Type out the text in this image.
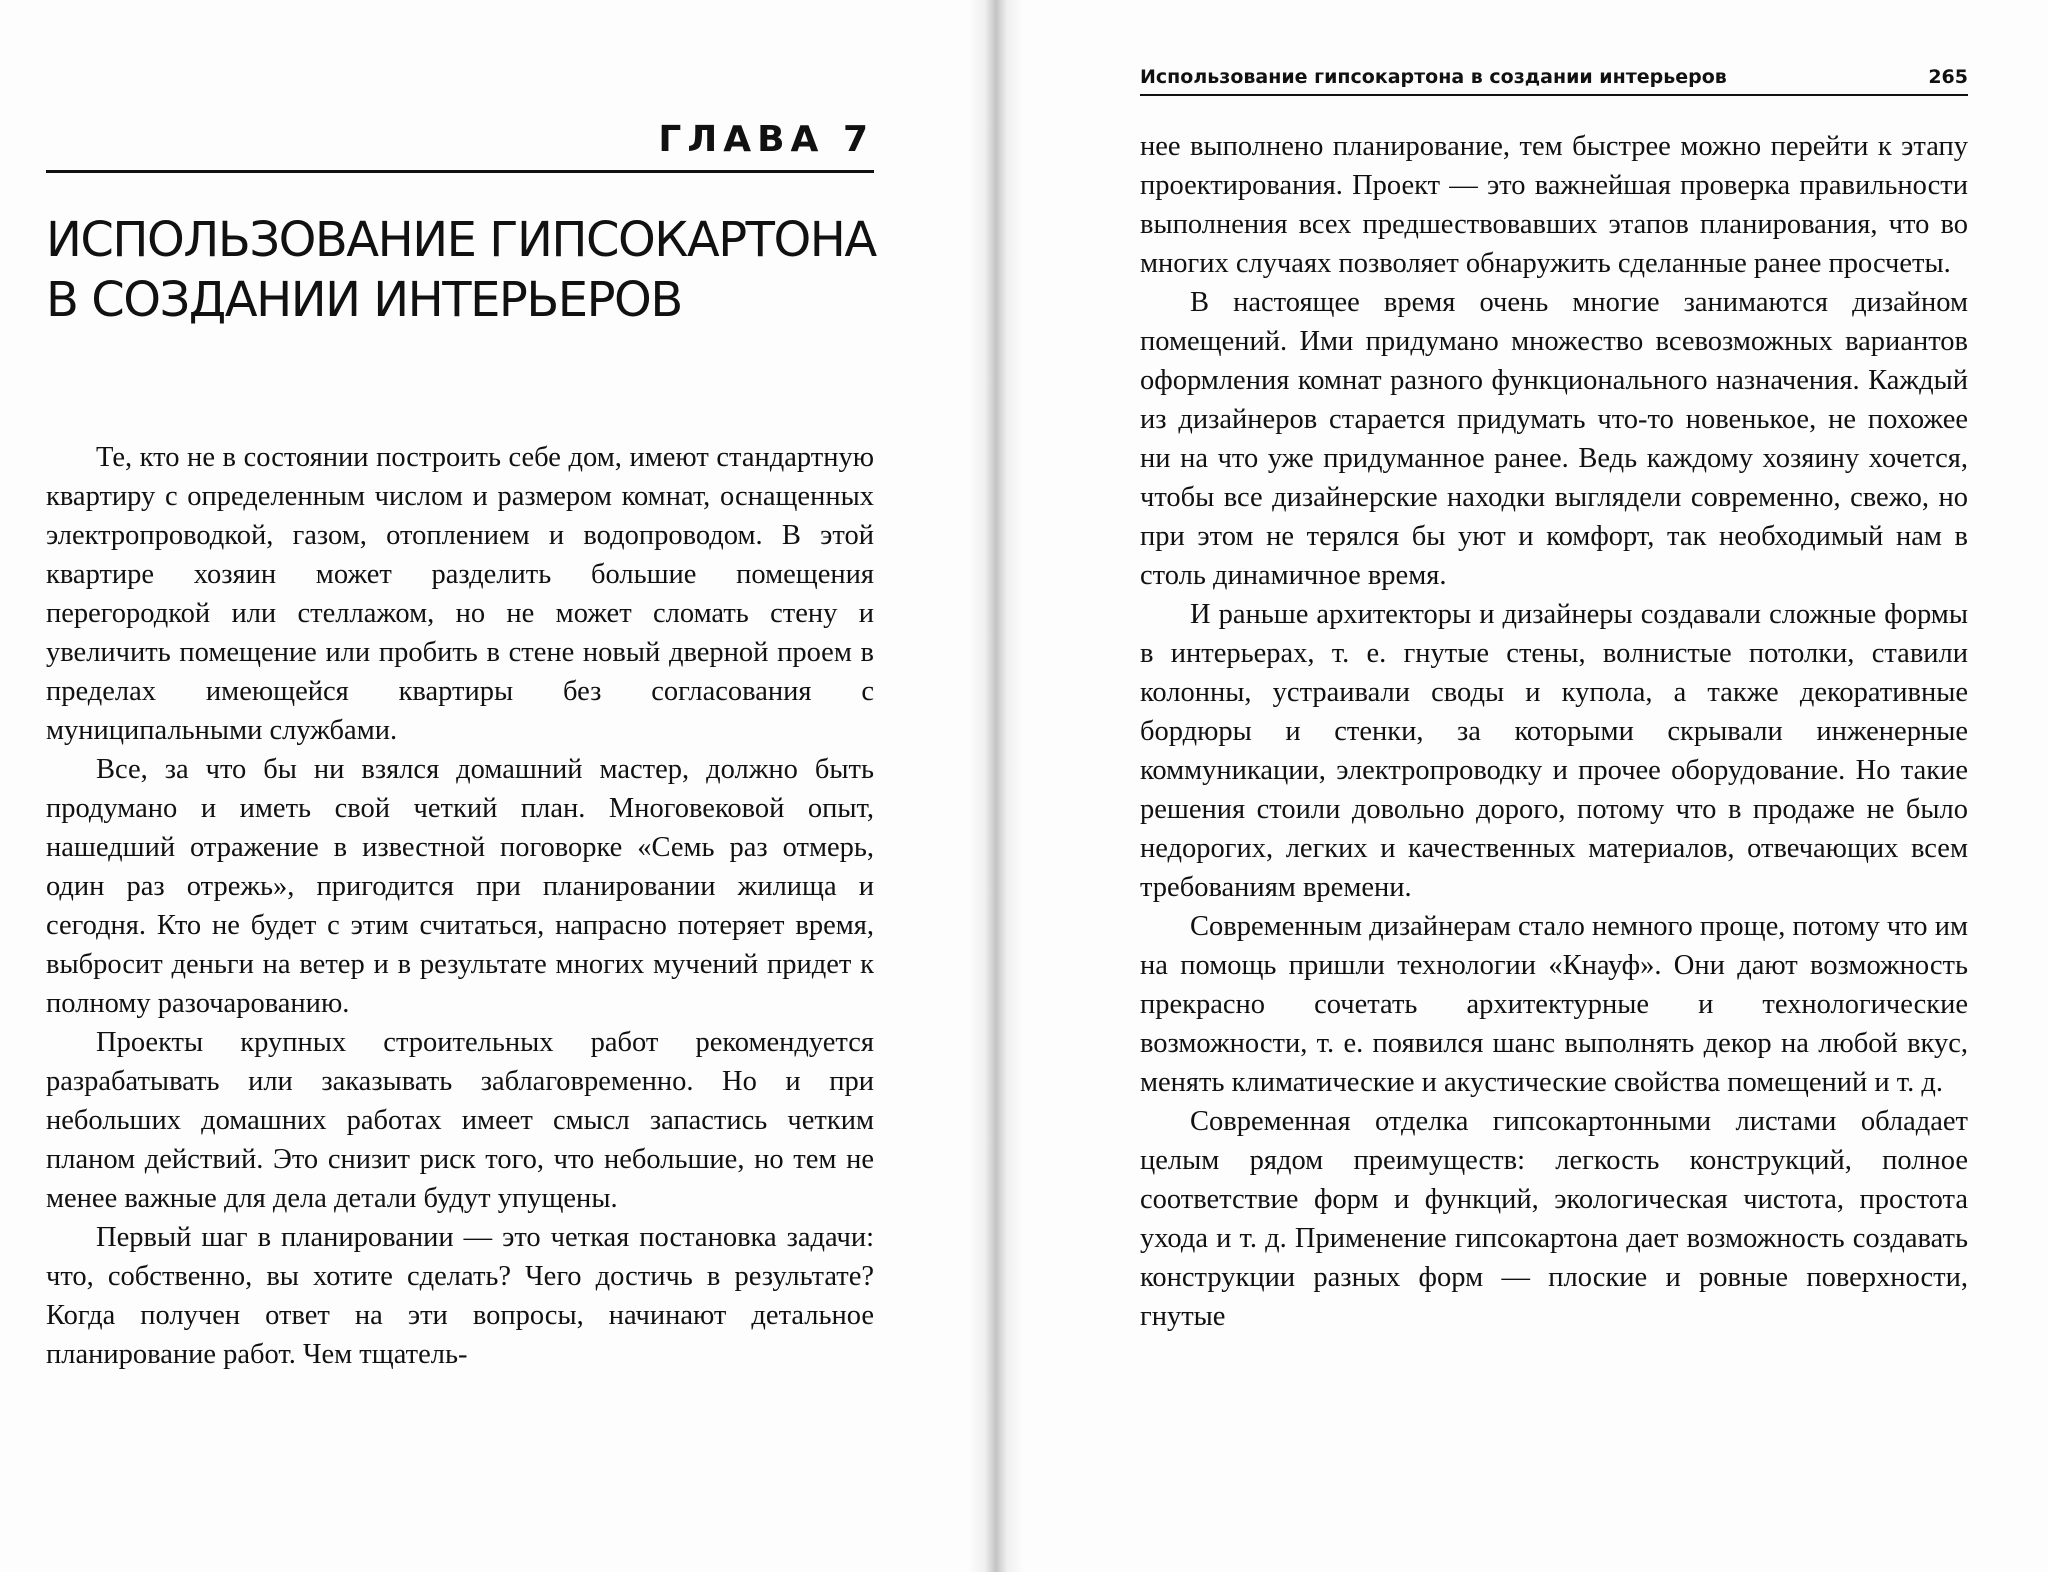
ГЛАВА 7
ИСПОЛЬЗОВАНИЕ ГИПСОКАРТОНА
В СОЗДАНИИ ИНТЕРЬЕРОВ

Те, кто не в состоянии построить себе дом, имеют стандартную квартиру с определенным числом и размером комнат, оснащенных электропроводкой, газом, отоплением и водопроводом. В этой квартире хозяин может разделить большие помещения перегородкой или стеллажом, но не может сломать стену и увеличить помещение или пробить в стене новый дверной проем в пределах имеющейся квартиры без согласования с муниципальными службами.

Все, за что бы ни взялся домашний мастер, должно быть продумано и иметь свой четкий план. Многовековой опыт, нашедший отражение в известной поговорке «Семь раз отмерь, один раз отрежь», пригодится при планировании жилища и сегодня. Кто не будет с этим считаться, напрасно потеряет время, выбросит деньги на ветер и в результате многих мучений придет к полному разочарованию.

Проекты крупных строительных работ рекомендуется разрабатывать или заказывать заблаговременно. Но и при небольших домашних работах имеет смысл запастись четким планом действий. Это снизит риск того, что небольшие, но тем не менее важные для дела детали будут упущены.

Первый шаг в планировании — это четкая постановка задачи: что, собственно, вы хотите сделать? Чего достичь в результате? Когда получен ответ на эти вопросы, начинают детальное планирование работ. Чем тщатель-

Использование гипсокартона в создании интерьеров	265

нее выполнено планирование, тем быстрее можно перейти к этапу проектирования. Проект — это важнейшая проверка правильности выполнения всех предшествовавших этапов планирования, что во многих случаях позволяет обнаружить сделанные ранее просчеты.

В настоящее время очень многие занимаются дизайном помещений. Ими придумано множество всевозможных вариантов оформления комнат разного функционального назначения. Каждый из дизайнеров старается придумать что-то новенькое, не похожее ни на что уже придуманное ранее. Ведь каждому хозяину хочется, чтобы все дизайнерские находки выглядели современно, свежо, но при этом не терялся бы уют и комфорт, так необходимый нам в столь динамичное время.

И раньше архитекторы и дизайнеры создавали сложные формы в интерьерах, т. е. гнутые стены, волнистые потолки, ставили колонны, устраивали своды и купола, а также декоративные бордюры и стенки, за которыми скрывали инженерные коммуникации, электропроводку и прочее оборудование. Но такие решения стоили довольно дорого, потому что в продаже не было недорогих, легких и качественных материалов, отвечающих всем требованиям времени.

Современным дизайнерам стало немного проще, потому что им на помощь пришли технологии «Кнауф». Они дают возможность прекрасно сочетать архитектурные и технологические возможности, т. е. появился шанс выполнять декор на любой вкус, менять климатические и акустические свойства помещений и т. д.

Современная отделка гипсокартонными листами обладает целым рядом преимуществ: легкость конструкций, полное соответствие форм и функций, экологическая чистота, простота ухода и т. д. Применение гипсокартона дает возможность создавать конструкции разных форм — плоские и ровные поверхности, гнутые
